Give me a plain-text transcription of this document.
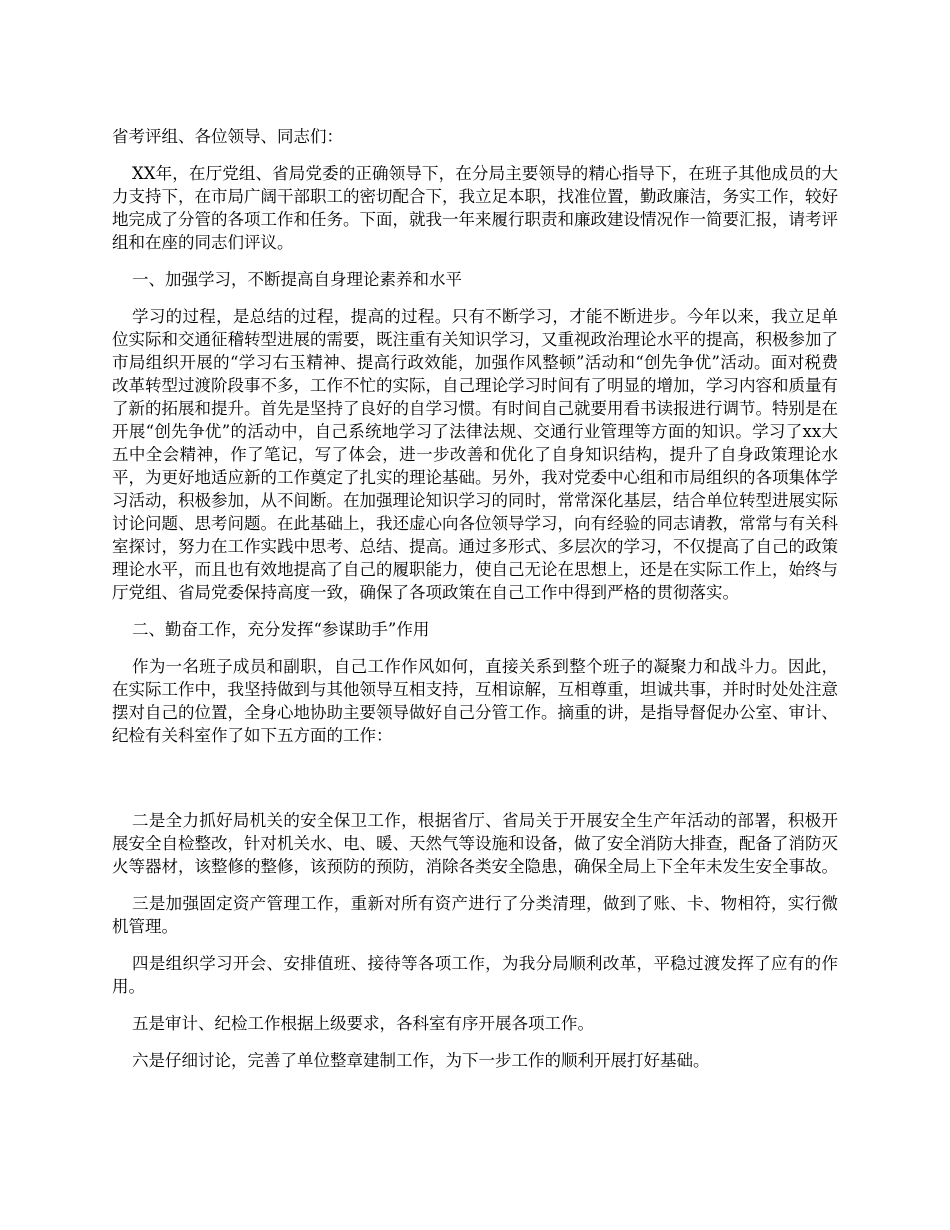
省考评组、各位领导、同志们：

XX年，在厅党组、省局党委的正确领导下，在分局主要领导的精心指导下，在班子其他成员的大力支持下，在市局广阔干部职工的密切配合下，我立足本职，找准位置，勤政廉洁，务实工作，较好地完成了分管的各项工作和任务。下面，就我一年来履行职责和廉政建设情况作一简要汇报，请考评组和在座的同志们评议。

一、加强学习，不断提高自身理论素养和水平

学习的过程，是总结的过程，提高的过程。只有不断学习，才能不断进步。今年以来，我立足单位实际和交通征稽转型进展的需要，既注重有关知识学习，又重视政治理论水平的提高，积极参加了市局组织开展的“学习右玉精神、提高行政效能，加强作风整顿”活动和“创先争优”活动。面对税费改革转型过渡阶段事不多，工作不忙的实际，自己理论学习时间有了明显的增加，学习内容和质量有了新的拓展和提升。首先是坚持了良好的自学习惯。有时间自己就要用看书读报进行调节。特别是在开展“创先争优”的活动中，自己系统地学习了法律法规、交通行业管理等方面的知识。学习了xx大五中全会精神，作了笔记，写了体会，进一步改善和优化了自身知识结构，提升了自身政策理论水平，为更好地适应新的工作奠定了扎实的理论基础。另外，我对党委中心组和市局组织的各项集体学习活动，积极参加，从不间断。在加强理论知识学习的同时，常常深化基层，结合单位转型进展实际讨论问题、思考问题。在此基础上，我还虚心向各位领导学习，向有经验的同志请教，常常与有关科室探讨，努力在工作实践中思考、总结、提高。通过多形式、多层次的学习，不仅提高了自己的政策理论水平，而且也有效地提高了自己的履职能力，使自己无论在思想上，还是在实际工作上，始终与厅党组、省局党委保持高度一致，确保了各项政策在自己工作中得到严格的贯彻落实。

二、勤奋工作，充分发挥“参谋助手”作用

作为一名班子成员和副职，自己工作作风如何，直接关系到整个班子的凝聚力和战斗力。因此，在实际工作中，我坚持做到与其他领导互相支持，互相谅解，互相尊重，坦诚共事，并时时处处注意摆对自己的位置，全身心地协助主要领导做好自己分管工作。摘重的讲，是指导督促办公室、审计、纪检有关科室作了如下五方面的工作：

二是全力抓好局机关的安全保卫工作，根据省厅、省局关于开展安全生产年活动的部署，积极开展安全自检整改，针对机关水、电、暖、天然气等设施和设备，做了安全消防大排查，配备了消防灭火等器材，该整修的整修，该预防的预防，消除各类安全隐患，确保全局上下全年未发生安全事故。

三是加强固定资产管理工作，重新对所有资产进行了分类清理，做到了账、卡、物相符，实行微机管理。

四是组织学习开会、安排值班、接待等各项工作，为我分局顺利改革，平稳过渡发挥了应有的作用。

五是审计、纪检工作根据上级要求，各科室有序开展各项工作。

六是仔细讨论，完善了单位整章建制工作，为下一步工作的顺利开展打好基础。
